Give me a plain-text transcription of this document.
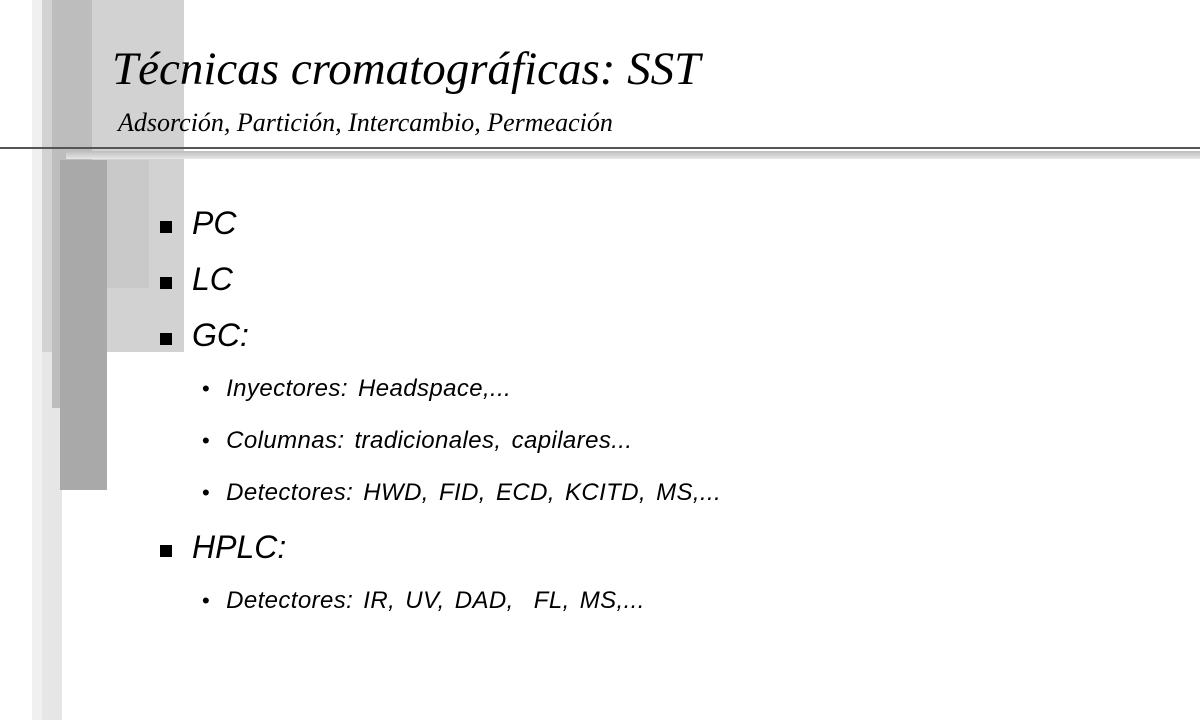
Técnicas cromatográficas: SST
Adsorción, Partición, Intercambio, Permeación
PC
LC
GC:
• Inyectores: Headspace,...
• Columnas: tradicionales, capilares...
• Detectores: HWD, FID, ECD, KCITD, MS,...
HPLC:
• Detectores: IR, UV, DAD,  FL, MS,...
